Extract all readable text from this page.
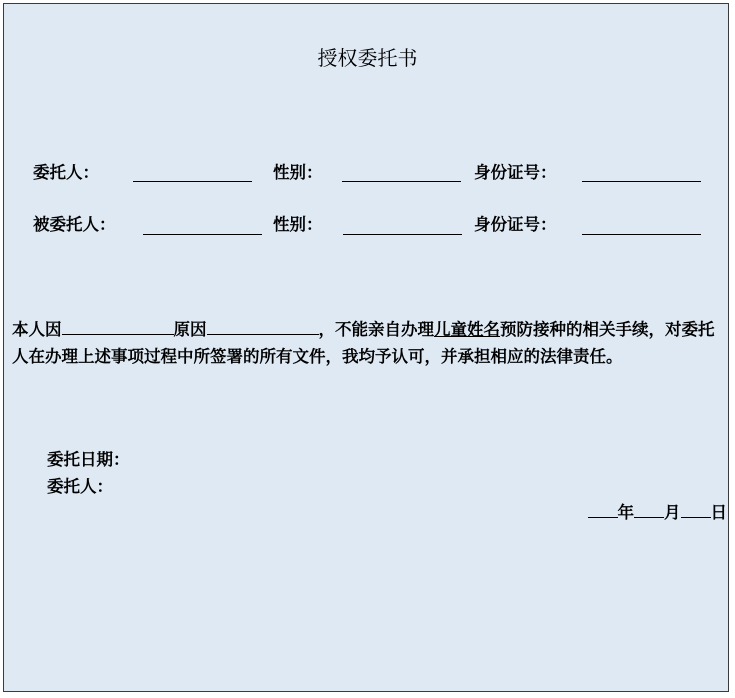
授权委托书
委托人：	性别：	身份证号：
被委托人：	性别：	身份证号：
本人因	原因	，不能亲自办理儿童姓名预防接种的相关手续，对委托人在办理上述事项过程中所签署的所有文件，我均予认可，并承担相应的法律责任。
委托日期：
委托人：
年 月 日
